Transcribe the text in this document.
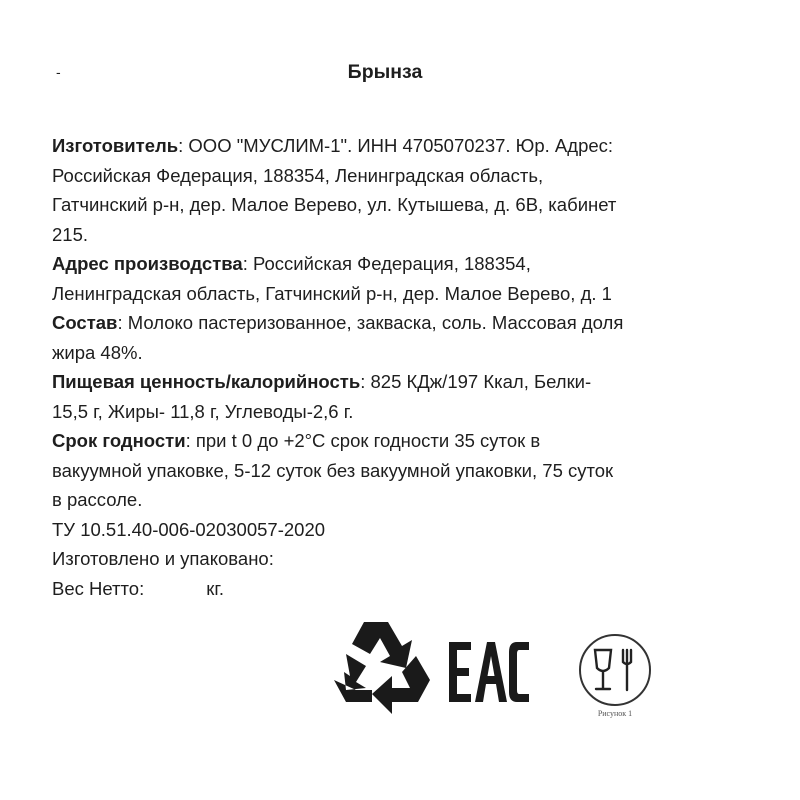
-	Брынза
Изготовитель: ООО "МУСЛИМ-1". ИНН 4705070237. Юр. Адрес:
Российская Федерация, 188354, Ленинградская область,
Гатчинский р-н, дер. Малое Верево, ул. Кутышева, д. 6В, кабинет
215.
Адрес производства: Российская Федерация, 188354,
Ленинградская область, Гатчинский р-н, дер. Малое Верево, д. 1
Состав: Молоко пастеризованное, закваска, соль. Массовая доля
жира 48%.
Пищевая ценность/калорийность: 825 КДж/197 Ккал, Белки-
15,5 г, Жиры- 11,8 г, Углеводы-2,6 г.
Срок годности: при t 0 до +2°С срок годности 35 суток в
вакуумной упаковке, 5-12 суток без вакуумной упаковки, 75 суток
в рассоле.
ТУ 10.51.40-006-02030057-2020
Изготовлено и упаковано:
Вес Нетто:	кг.
Рисунок 1
